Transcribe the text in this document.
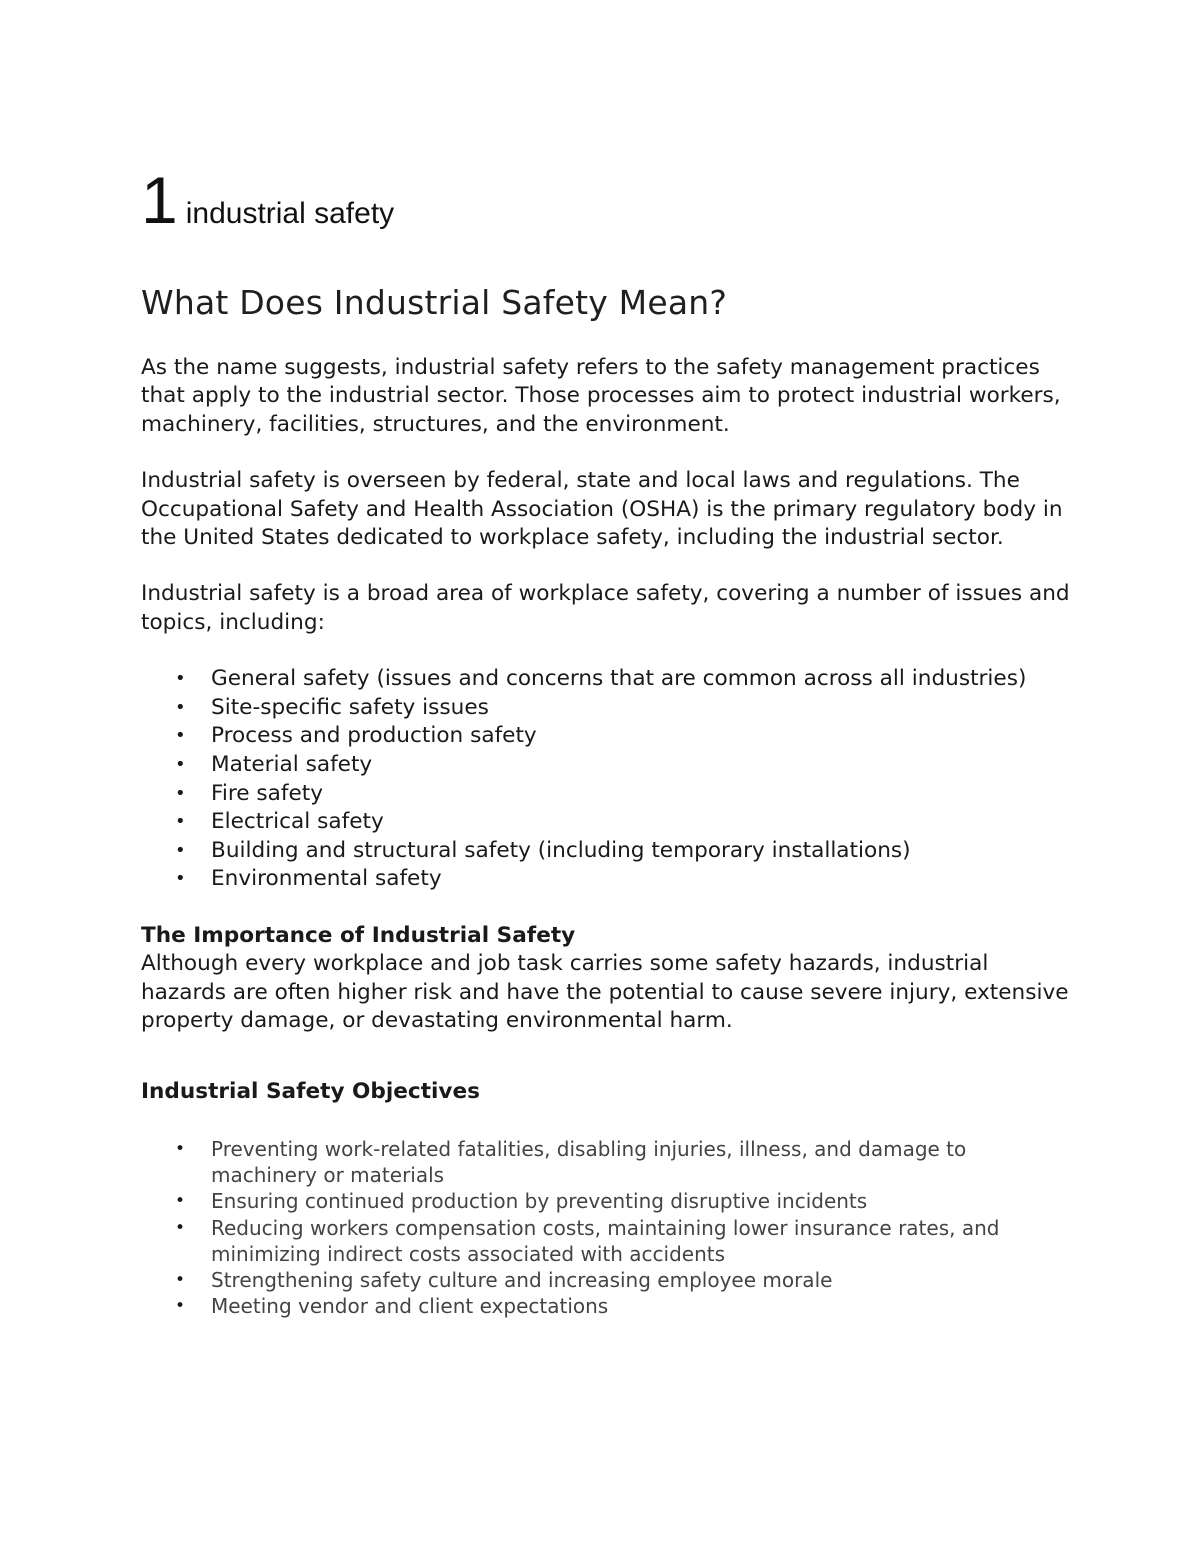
1 industrial safety
What Does Industrial Safety Mean?

As the name suggests, industrial safety refers to the safety management practices that apply to the industrial sector. Those processes aim to protect industrial workers, machinery, facilities, structures, and the environment.

Industrial safety is overseen by federal, state and local laws and regulations. The Occupational Safety and Health Association (OSHA) is the primary regulatory body in the United States dedicated to workplace safety, including the industrial sector.

Industrial safety is a broad area of workplace safety, covering a number of issues and topics, including:

• General safety (issues and concerns that are common across all industries)
• Site-specific safety issues
• Process and production safety
• Material safety
• Fire safety
• Electrical safety
• Building and structural safety (including temporary installations)
• Environmental safety
The Importance of Industrial Safety

Although every workplace and job task carries some safety hazards, industrial hazards are often higher risk and have the potential to cause severe injury, extensive property damage, or devastating environmental harm.

Industrial Safety Objectives
• Preventing work-related fatalities, disabling injuries, illness, and damage to machinery or materials
• Ensuring continued production by preventing disruptive incidents
• Reducing workers compensation costs, maintaining lower insurance rates, and minimizing indirect costs associated with accidents
• Strengthening safety culture and increasing employee morale
• Meeting vendor and client expectations
